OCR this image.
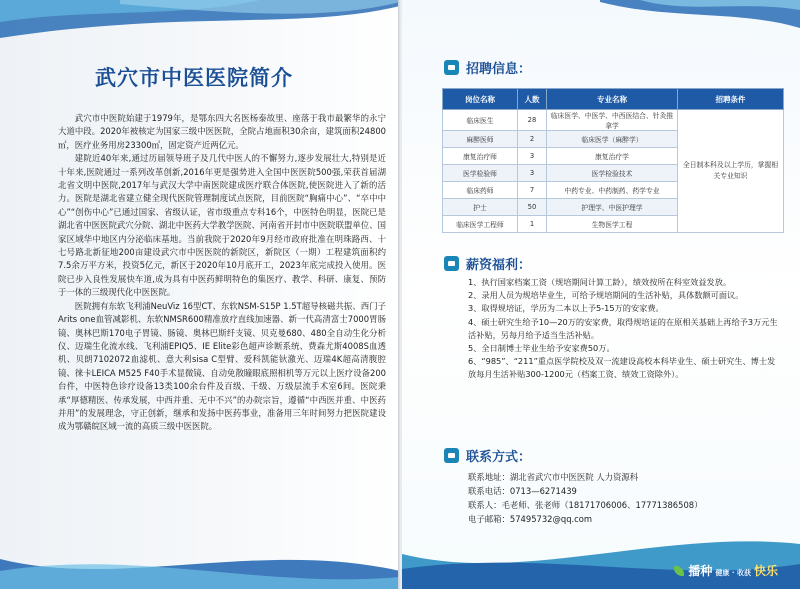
武穴市中医医院简介

武穴市中医院始建于1979年，是鄂东四大名医杨泰故里、座落于我市最繁华的永宁大道中段。2020年被核定为国家三级中医医院，全院占地面积30余亩，建筑面积24800㎡，医疗业务用房23300㎡，固定资产近两亿元。

建院近40年来,通过历届领导班子及几代中医人的不懈努力,逐步发展壮大,特别是近十年来,医院通过一系列改革创新,2016年更是强势进入全国中医医院500强,荣获首届湖北省文明中医院,2017年与武汉大学中南医院建成医疗联合体医院,使医院进入了新的活力。医院是湖北省建立健全现代医院管理制度试点医院，目前医院“胸痛中心”、“卒中中心”“创伤中心”已通过国家、省级认证，省市级重点专科16个，中医特色明显，医院已是湖北省中医医院武穴分院、湖北中医药大学教学医院、河南省开封市中医院联盟单位、国家区域华中地区内分泌临床基地。当前我院于2020年9月经市政府批准在明珠路西、十七号路北新征地200亩建设武穴市中医医院的新院区，新院区（一期）工程建筑面积约7.5余万平方米，投资5亿元，新区于2020年10月底开工，2023年底完成投入使用。医院已步入良性发展快车道,成为具有中医药鲜明特色的集医疗、教学、科研、康复、预防于一体的三级现代化中医医院。

医院拥有东软飞利浦NeuViz 16型CT、东软NSM-S15P 1.5T超导核磁共振、西门子Arits one血管减影机、东软NMSR600精准放疗直线加速器、新一代高清富士7000胃肠镜、奥林巴斯170电子胃镜、肠镜、奥林巴斯纤支镜、贝克曼680、480全自动生化分析仪、迈瑞生化流水线、飞利浦EPIQ5、IE Elite彩色超声诊断系统、费森尤斯4008S血透机、贝朗7102072血滤机、意大利sisa C型臂、爱科凯能钬激光、迈瑞4K超高清腹腔镜、徕卡LEICA M525 F40手术显微镜、自动免散瞳眼底照相机等万元以上医疗设备200台件，中医特色诊疗设备13类100余台件及百级、千级、万级层流手术室6间。医院秉承“厚德精医、传承发展，中西并重、无中不兴”的办院宗旨，遵循“中西医并重、中医药并用”的发展理念，守正创新，继承和发扬中医药事业，准备用三年时间努力把医院建设成为鄂赣皖区域一流的高质三级中医医院。

招聘信息：
岗位名称	人数	专业名称	招聘条件
临床医生	28	临床医学、中医学、中西医结合、针灸推拿学	全日制本科及以上学历，掌握相关专业知识
麻醉医师	2	临床医学（麻醉学）	
康复治疗师	3	康复治疗学	
医学检验师	3	医学检验技术	
临床药师	7	中药专业、中药制药、药学专业	
护士	50	护理学、中医护理学	
临床医学工程师	1	生物医学工程	
薪资福利：
1、执行国家档案工资（规培期间计算工龄），绩效按所在科室效益发放。
2、录用人员为规培毕业生，可给予规培期间的生活补贴，具体数额可面议。
3、取得规培证，学历为二本以上予5-15万的安家费。
4、硕士研究生给予10—20万的安家费，取得规培证的在原相关基础上再给予3万元生活补贴，另每月给予适当生活补贴。
5、全日制博士毕业生给予安家费50万。
6、“985”、“211”重点医学院校及双一流建设高校本科毕业生、硕士研究生、博士发放每月生活补贴300-1200元（档案工资、绩效工资除外）。
联系方式：
联系地址：湖北省武穴市中医医院 人力资源科
联系电话：0713—6271439
联系人：毛老师、张老师（18171706006、17771386508）
电子邮箱：57495732@qq.com
播种 健康 · 收获 快乐
